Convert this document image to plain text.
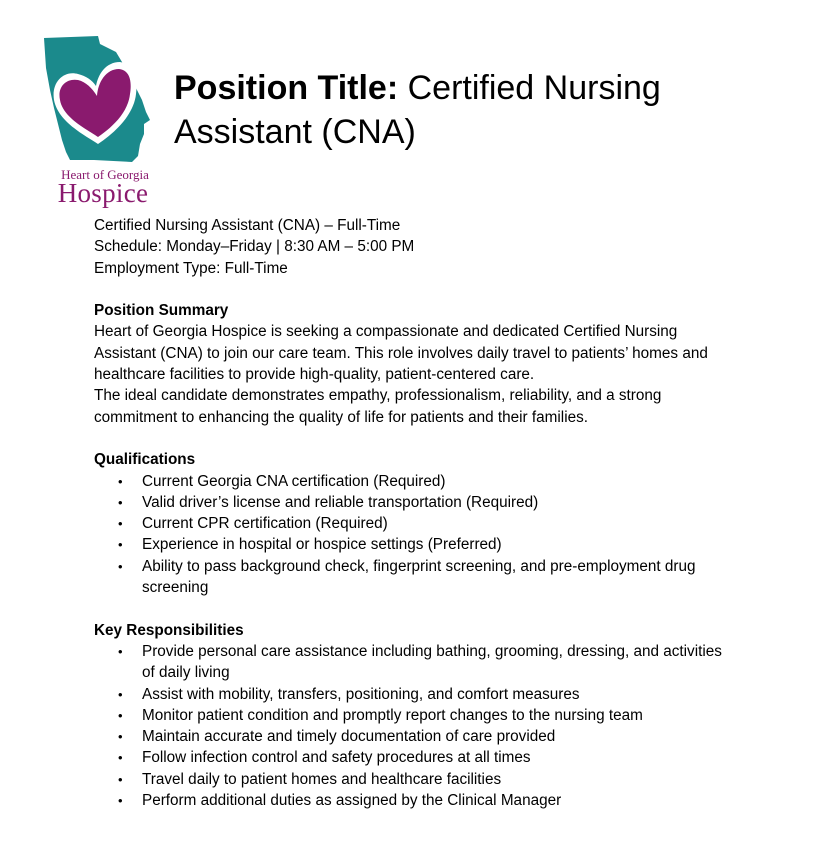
Heart of Georgia
Hospice
Position Title: Certified Nursing Assistant (CNA)

Certified Nursing Assistant (CNA) – Full-Time

Schedule: Monday–Friday | 8:30 AM – 5:00 PM

Employment Type: Full-Time

Position Summary

Heart of Georgia Hospice is seeking a compassionate and dedicated Certified Nursing Assistant (CNA) to join our care team. This role involves daily travel to patients’ homes and healthcare facilities to provide high-quality, patient-centered care.

The ideal candidate demonstrates empathy, professionalism, reliability, and a strong commitment to enhancing the quality of life for patients and their families.

Qualifications

• Current Georgia CNA certification (Required)
• Valid driver’s license and reliable transportation (Required)
• Current CPR certification (Required)
• Experience in hospital or hospice settings (Preferred)
• Ability to pass background check, fingerprint screening, and pre-employment drug screening

Key Responsibilities

• Provide personal care assistance including bathing, grooming, dressing, and activities of daily living
• Assist with mobility, transfers, positioning, and comfort measures
• Monitor patient condition and promptly report changes to the nursing team
• Maintain accurate and timely documentation of care provided
• Follow infection control and safety procedures at all times
• Travel daily to patient homes and healthcare facilities
• Perform additional duties as assigned by the Clinical Manager
